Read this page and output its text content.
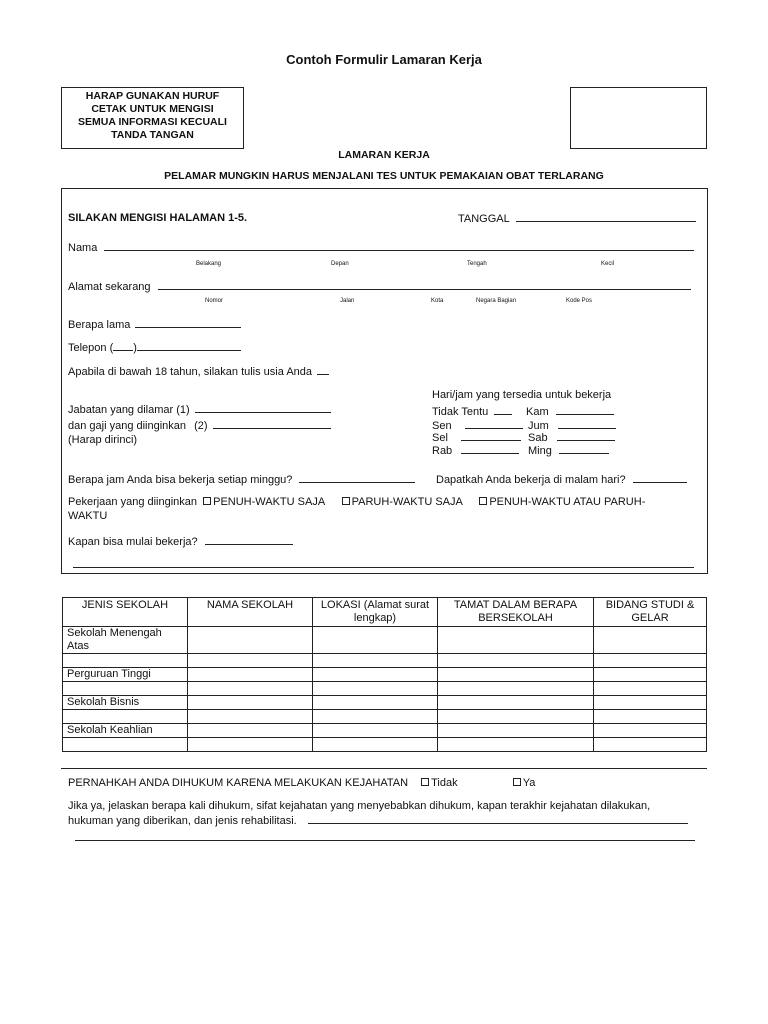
Contoh Formulir Lamaran Kerja
HARAP GUNAKAN HURUF
CETAK UNTUK MENGISI
SEMUA INFORMASI KECUALI
TANDA TANGAN
LAMARAN KERJA
PELAMAR MUNGKIN HARUS MENJALANI TES UNTUK PEMAKAIAN OBAT TERLARANG
SILAKAN MENGISI HALAMAN 1-5.	TANGGAL
Nama
Belakang	Depan	Tengah	Kecil
Alamat sekarang
Nomor	Jalan	Kota	Negara Bagian	Kode Pos
Berapa lama
Telepon ( )
Apabila di bawah 18 tahun, silakan tulis usia Anda
Jabatan yang dilamar (1)
dan gaji yang diinginkan (2)
(Harap dirinci)
Hari/jam yang tersedia untuk bekerja
Tidak Tentu	Kam
Sen	Jum
Sel	Sab
Rab	Ming
Berapa jam Anda bisa bekerja setiap minggu?	Dapatkah Anda bekerja di malam hari?
Pekerjaan yang diinginkan PENUH-WAKTU SAJA PARUH-WAKTU SAJA PENUH-WAKTU ATAU PARUH-
WAKTU
Kapan bisa mulai bekerja?
JENIS SEKOLAH	NAMA SEKOLAH	LOKASI (Alamat surat lengkap)	TAMAT DALAM BERAPA BERSEKOLAH	BIDANG STUDI & GELAR
Sekolah Menengah Atas				

Perguruan Tinggi				

Sekolah Bisnis				

Sekolah Keahlian				

PERNAHKAH ANDA DIHUKUM KARENA MELAKUKAN KEJAHATAN Tidak	Ya
Jika ya, jelaskan berapa kali dihukum, sifat kejahatan yang menyebabkan dihukum, kapan terakhir kejahatan dilakukan,
hukuman yang diberikan, dan jenis rehabilitasi.
